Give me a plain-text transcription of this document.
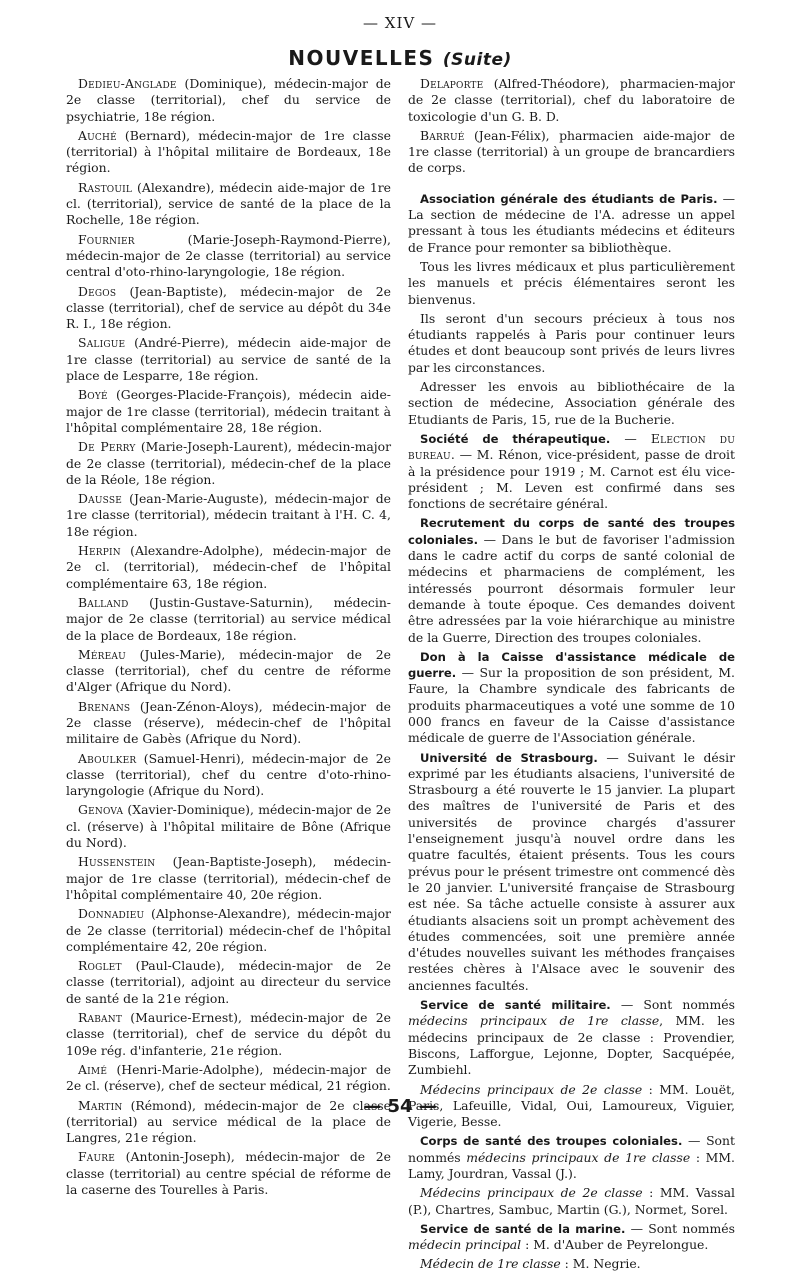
— XIV —
NOUVELLES (Suite)

Dedieu-Anglade (Dominique), médecin-major de 2e classe (territorial), chef du service de psychiatrie, 18e région.

Auché (Bernard), médecin-major de 1re classe (territorial) à l'hôpital militaire de Bordeaux, 18e région.

Rastouil (Alexandre), médecin aide-major de 1re cl. (territorial), service de santé de la place de la Rochelle, 18e région.

Fournier (Marie-Joseph-Raymond-Pierre), médecin-major de 2e classe (territorial) au service central d'oto-rhino-laryngologie, 18e région.

Degos (Jean-Baptiste), médecin-major de 2e classe (territorial), chef de service au dépôt du 34e R. I., 18e région.

Saligue (André-Pierre), médecin aide-major de 1re classe (territorial) au service de santé de la place de Lesparre, 18e région.

Boyé (Georges-Placide-François), médecin aide-major de 1re classe (territorial), médecin traitant à l'hôpital complémentaire 28, 18e région.

De Perry (Marie-Joseph-Laurent), médecin-major de 2e classe (territorial), médecin-chef de la place de la Réole, 18e région.

Dausse (Jean-Marie-Auguste), médecin-major de 1re classe (territorial), médecin traitant à l'H. C. 4, 18e région.

Herpin (Alexandre-Adolphe), médecin-major de 2e cl. (territorial), médecin-chef de l'hôpital complémentaire 63, 18e région.

Balland (Justin-Gustave-Saturnin), médecin-major de 2e classe (territorial) au service médical de la place de Bordeaux, 18e région.

Méreau (Jules-Marie), médecin-major de 2e classe (territorial), chef du centre de réforme d'Alger (Afrique du Nord).

Brenans (Jean-Zénon-Aloys), médecin-major de 2e classe (réserve), médecin-chef de l'hôpital militaire de Gabès (Afrique du Nord).

Aboulker (Samuel-Henri), médecin-major de 2e classe (territorial), chef du centre d'oto-rhino-laryngologie (Afrique du Nord).

Genova (Xavier-Dominique), médecin-major de 2e cl. (réserve) à l'hôpital militaire de Bône (Afrique du Nord).

Hussenstein (Jean-Baptiste-Joseph), médecin-major de 1re classe (territorial), médecin-chef de l'hôpital complémentaire 40, 20e région.

Donnadieu (Alphonse-Alexandre), médecin-major de 2e classe (territorial) médecin-chef de l'hôpital complémentaire 42, 20e région.

Roglet (Paul-Claude), médecin-major de 2e classe (territorial), adjoint au directeur du service de santé de la 21e région.

Rabant (Maurice-Ernest), médecin-major de 2e classe (territorial), chef de service du dépôt du 109e rég. d'infanterie, 21e région.

Aimé (Henri-Marie-Adolphe), médecin-major de 2e cl. (réserve), chef de secteur médical, 21 région.

Martin (Rémond), médecin-major de 2e classe (territorial) au service médical de la place de Langres, 21e région.

Faure (Antonin-Joseph), médecin-major de 2e classe (territorial) au centre spécial de réforme de la caserne des Tourelles à Paris.

Delaporte (Alfred-Théodore), pharmacien-major de 2e classe (territorial), chef du laboratoire de toxicologie d'un G. B. D.

Barrué (Jean-Félix), pharmacien aide-major de 1re classe (territorial) à un groupe de brancardiers de corps.

Association générale des étudiants de Paris. — La section de médecine de l'A. adresse un appel pressant à tous les étudiants médecins et éditeurs de France pour remonter sa bibliothèque.

Tous les livres médicaux et plus particulièrement les manuels et précis élémentaires seront les bienvenus.

Ils seront d'un secours précieux à tous nos étudiants rappelés à Paris pour continuer leurs études et dont beaucoup sont privés de leurs livres par les circonstances.

Adresser les envois au bibliothécaire de la section de médecine, Association générale des Etudiants de Paris, 15, rue de la Bucherie.

Société de thérapeutique. — Election du bureau. — M. Rénon, vice-président, passe de droit à la présidence pour 1919 ; M. Carnot est élu vice-président ; M. Leven est confirmé dans ses fonctions de secrétaire général.

Recrutement du corps de santé des troupes coloniales. — Dans le but de favoriser l'admission dans le cadre actif du corps de santé colonial de médecins et pharmaciens de complément, les intéressés pourront désormais formuler leur demande à toute époque. Ces demandes doivent être adressées par la voie hiérarchique au ministre de la Guerre, Direction des troupes coloniales.

Don à la Caisse d'assistance médicale de guerre. — Sur la proposition de son président, M. Faure, la Chambre syndicale des fabricants de produits pharmaceutiques a voté une somme de 10 000 francs en faveur de la Caisse d'assistance médicale de guerre de l'Association générale.

Université de Strasbourg. — Suivant le désir exprimé par les étudiants alsaciens, l'université de Strasbourg a été rouverte le 15 janvier. La plupart des maîtres de l'université de Paris et des universités de province chargés d'assurer l'enseignement jusqu'à nouvel ordre dans les quatre facultés, étaient présents. Tous les cours prévus pour le présent trimestre ont commencé dès le 20 janvier. L'université française de Strasbourg est née. Sa tâche actuelle consiste à assurer aux étudiants alsaciens soit un prompt achèvement des études commencées, soit une première année d'études nouvelles suivant les méthodes françaises restées chères à l'Alsace avec le souvenir des anciennes facultés.

Service de santé militaire. — Sont nommés médecins principaux de 1re classe, MM. les médecins principaux de 2e classe : Provendier, Biscons, Lafforgue, Lejonne, Dopter, Sacquépée, Zumbiehl.

Médecins principaux de 2e classe : MM. Louët, Paris, Lafeuille, Vidal, Oui, Lamoureux, Viguier, Vigerie, Besse.

Corps de santé des troupes coloniales. — Sont nommés médecins principaux de 1re classe : MM. Lamy, Jourdran, Vassal (J.).

Médecins principaux de 2e classe : MM. Vassal (P.), Chartres, Sambuc, Martin (G.), Normet, Sorel.

Service de santé de la marine. — Sont nommés médecin principal : M. d'Auber de Peyrelongue.

Médecin de 1re classe : M. Negrie.

— 54 —
